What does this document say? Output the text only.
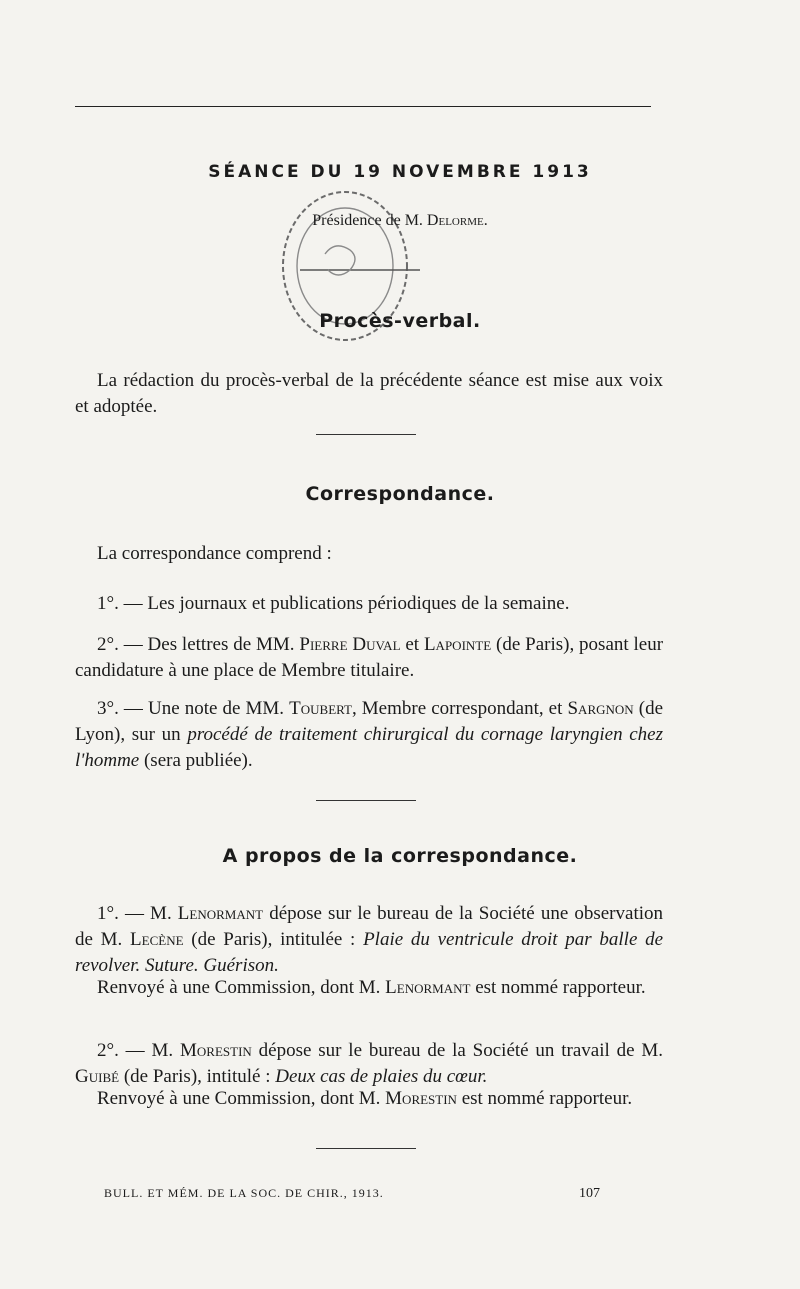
SÉANCE DU 19 NOVEMBRE 1913
Présidence de M. Delorme.
Procès-verbal.
La rédaction du procès-verbal de la précédente séance est mise aux voix et adoptée.
Correspondance.
La correspondance comprend :
1°. — Les journaux et publications périodiques de la semaine.
2°. — Des lettres de MM. Pierre Duval et Lapointe (de Paris), posant leur candidature à une place de Membre titulaire.
3°. — Une note de MM. Toubert, Membre correspondant, et Sargnon (de Lyon), sur un procédé de traitement chirurgical du cornage laryngien chez l'homme (sera publiée).
A propos de la correspondance.
1°. — M. Lenormant dépose sur le bureau de la Société une observation de M. Lecène (de Paris), intitulée : Plaie du ventricule droit par balle de revolver. Suture. Guérison.
Renvoyé à une Commission, dont M. Lenormant est nommé rapporteur.
2°. — M. Morestin dépose sur le bureau de la Société un travail de M. Guibé (de Paris), intitulé : Deux cas de plaies du cœur.
Renvoyé à une Commission, dont M. Morestin est nommé rapporteur.
BULL. ET MÉM. DE LA SOC. DE CHIR., 1913.	107
